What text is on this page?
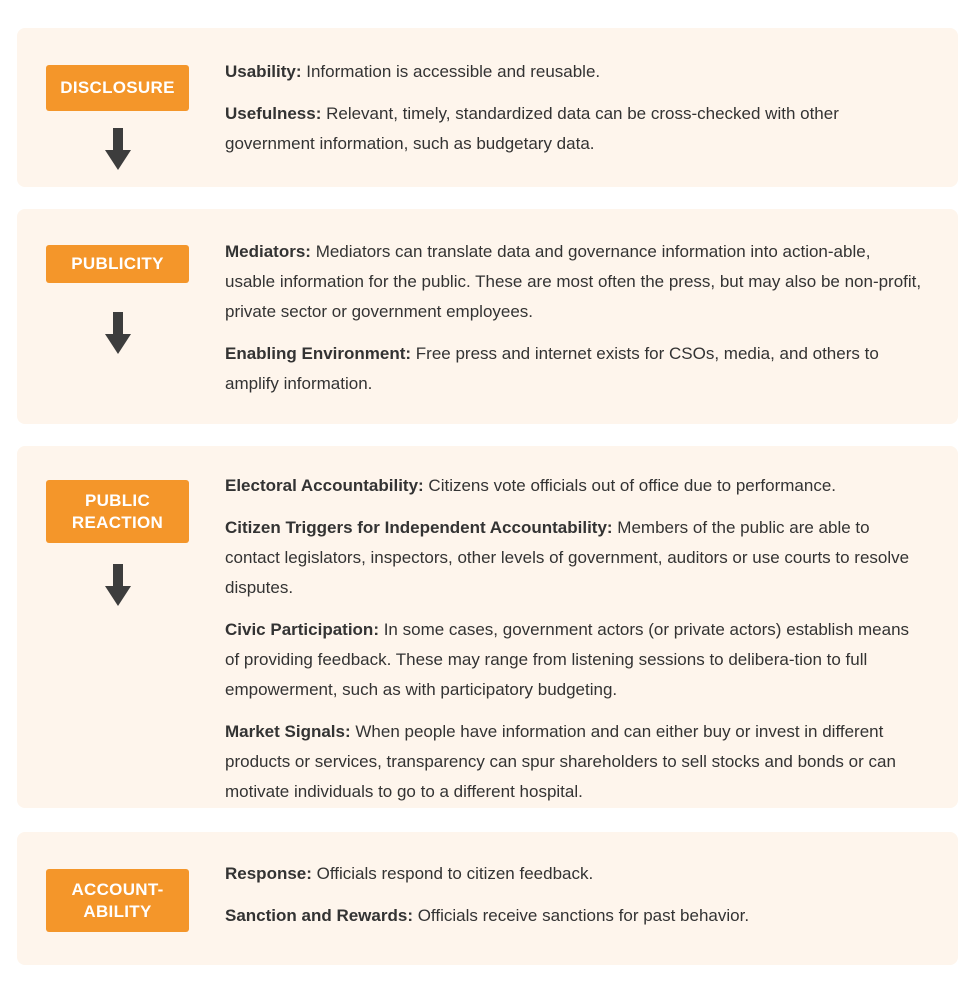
DISCLOSURE

Usability: Information is accessible and reusable.

Usefulness: Relevant, timely, standardized data can be cross-checked with other government information, such as budgetary data.

PUBLICITY

Mediators: Mediators can translate data and governance information into action-able, usable information for the public. These are most often the press, but may also be non-profit, private sector or government employees.

Enabling Environment: Free press and internet exists for CSOs, media, and others to amplify information.

PUBLIC
REACTION

Electoral Accountability: Citizens vote officials out of office due to performance.

Citizen Triggers for Independent Accountability: Members of the public are able to contact legislators, inspectors, other levels of government, auditors or use courts to resolve disputes.

Civic Participation: In some cases, government actors (or private actors) establish means of providing feedback. These may range from listening sessions to delibera-tion to full empowerment, such as with participatory budgeting.

Market Signals: When people have information and can either buy or invest in different products or services, transparency can spur shareholders to sell stocks and bonds or can motivate individuals to go to a different hospital.

ACCOUNT-
ABILITY

Response: Officials respond to citizen feedback.

Sanction and Rewards: Officials receive sanctions for past behavior.
